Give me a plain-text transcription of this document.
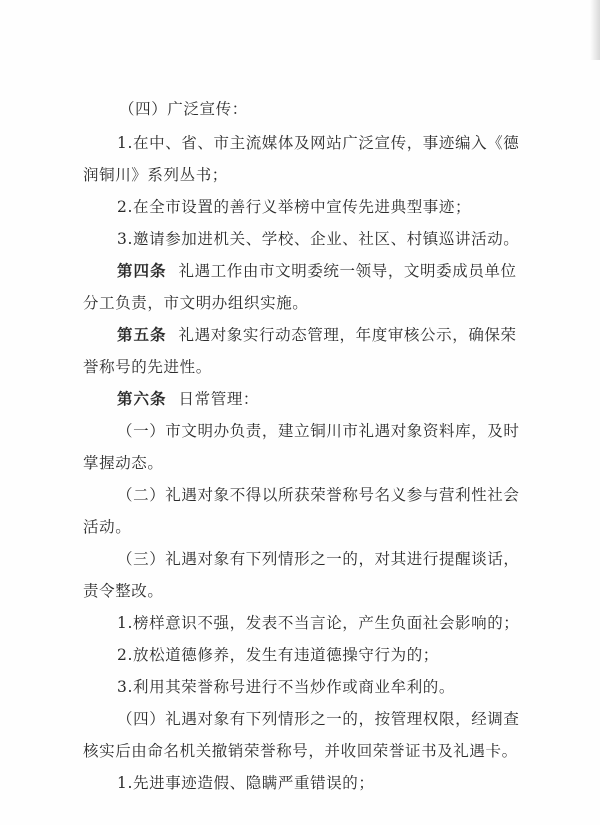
（四）广泛宣传：
1.在中、省、市主流媒体及网站广泛宣传，事迹编入《德
润铜川》系列丛书；
2.在全市设置的善行义举榜中宣传先进典型事迹；
3.邀请参加进机关、学校、企业、社区、村镇巡讲活动。
第四条 礼遇工作由市文明委统一领导，文明委成员单位
分工负责，市文明办组织实施。
第五条 礼遇对象实行动态管理，年度审核公示，确保荣
誉称号的先进性。
第六条 日常管理：
（一）市文明办负责，建立铜川市礼遇对象资料库，及时
掌握动态。
（二）礼遇对象不得以所获荣誉称号名义参与营利性社会
活动。
（三）礼遇对象有下列情形之一的，对其进行提醒谈话，
责令整改。
1.榜样意识不强，发表不当言论，产生负面社会影响的；
2.放松道德修养，发生有违道德操守行为的；
3.利用其荣誉称号进行不当炒作或商业牟利的。
（四）礼遇对象有下列情形之一的，按管理权限，经调查
核实后由命名机关撤销荣誉称号，并收回荣誉证书及礼遇卡。
1.先进事迹造假、隐瞒严重错误的；
